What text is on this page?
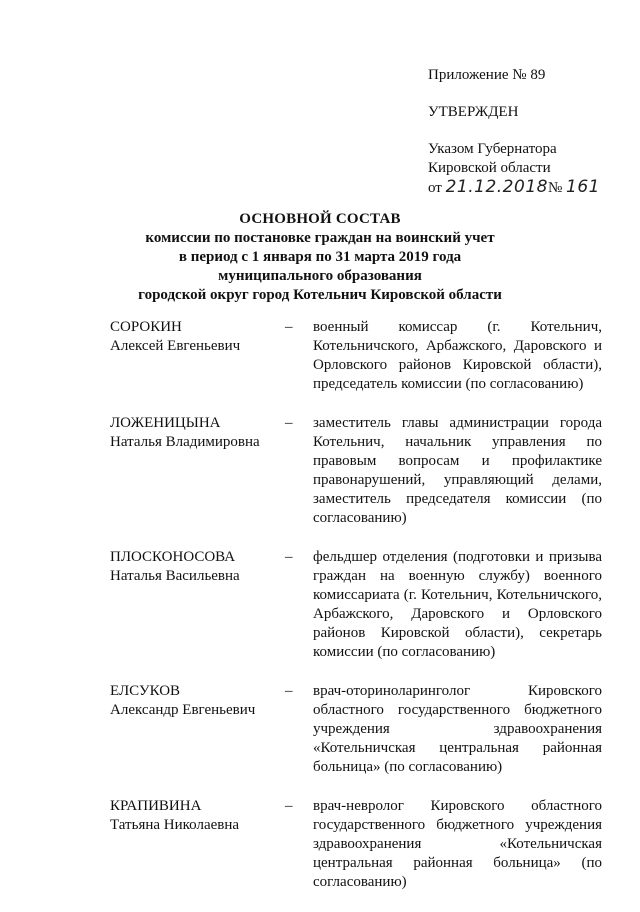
Приложение № 89
УТВЕРЖДЕН
Указом Губернатора
Кировской области
от 21.12.2018№ 161
ОСНОВНОЙ СОСТАВ
комиссии по постановке граждан на воинский учет
в период с 1 января по 31 марта 2019 года
муниципального образования
городской округ город Котельнич Кировской области
СОРОКИН
Алексей Евгеньевич
–	военный комиссар (г. Котельнич, Котельничского, Арбажского, Даровского и Орловского районов Кировской области), председатель комиссии (по согласованию)
ЛОЖЕНИЦЫНА
Наталья Владимировна
–	заместитель главы администрации города Котельнич, начальник управления по правовым вопросам и профилактике правонарушений, управляющий делами, заместитель председателя комиссии (по согласованию)
ПЛОСКОНОСОВА
Наталья Васильевна
–	фельдшер отделения (подготовки и призыва граждан на военную службу) военного комиссариата (г. Котельнич, Котельничского, Арбажского, Даровского и Орловского районов Кировской области), секретарь комиссии (по согласованию)
ЕЛСУКОВ
Александр Евгеньевич
–	врач-оториноларинголог Кировского областного государственного бюджетного учреждения здравоохранения «Котельничская центральная районная больница» (по согласованию)
КРАПИВИНА
Татьяна Николаевна
–	врач-невролог Кировского областного государственного бюджетного учреждения здравоохранения «Котельничская центральная районная больница» (по согласованию)
